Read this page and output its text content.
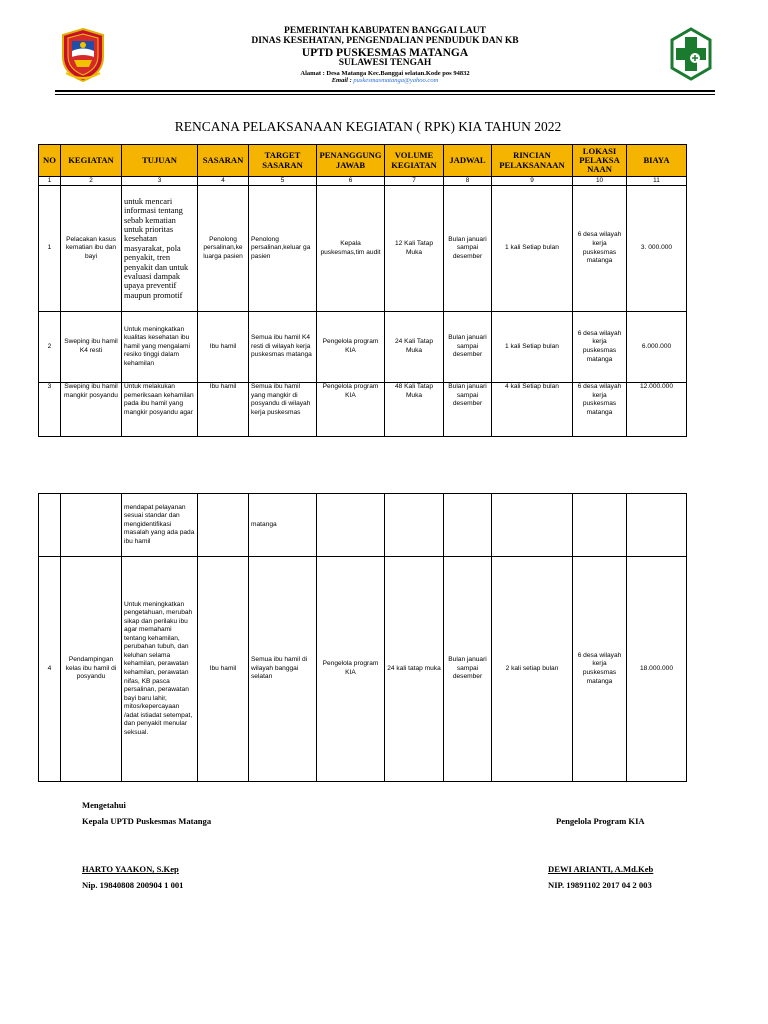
PEMERINTAH KABUPATEN BANGGAI LAUT
DINAS KESEHATAN, PENGENDALIAN PENDUDUK DAN KB
UPTD PUSKESMAS MATANGA
SULAWESI TENGAH
Alamat : Desa Matanga Kec.Banggai selatan.Kode pos 94832
Email : puskesmasmatanga@yahoo.com
RENCANA PELAKSANAAN KEGIATAN ( RPK) KIA TAHUN 2022
NO	KEGIATAN	TUJUAN	SASARAN	TARGET SASARAN	PENANGGUNG JAWAB	VOLUME KEGIATAN	JADWAL	RINCIAN PELAKSANAAN	LOKASI PELAKSA NAAN	BIAYA
1	2	3	4	5	6	7	8	9	10	11
1	Pelacakan kasus kematian ibu dan bayi	untuk mencari informasi tentang sebab kematian untuk prioritas kesehatan masyarakat, pola penyakit, tren penyakit dan untuk evaluasi dampak upaya preventif maupun promotif	Penolong persalinan,ke luarga pasien	Penolong persalinan,keluar ga pasien	Kepala puskesmas,tim audit	12 Kali Tatap Muka	Bulan januari sampai desember	1 kali Setiap bulan	6 desa wilayah kerja puskesmas matanga	3. 000.000
2	Sweping ibu hamil K4 resti	Untuk meningkatkan kualitas kesehatan ibu hamil yang mengalami resiko tinggi dalam kehamilan	Ibu hamil	Semua ibu hamil K4 resti di wilayah kerja puskesmas matanga	Pengelola program KIA	24 Kali Tatap Muka	Bulan januari sampai desember	1 kali Setiap bulan	6 desa wilayah kerja puskesmas matanga	6.000.000
3	Sweping ibu hamil mangkir posyandu	Untuk melakukan pemeriksaan kehamilan pada ibu hamil yang mangkir posyandu agar	Ibu hamil	Semua ibu hamil yang mangkir di posyandu di wilayah kerja puskesmas	Pengelola program KIA	48 Kali Tatap Muka	Bulan januari sampai desember	4 kali Setiap bulan	6 desa wilayah kerja puskesmas matanga	12.000.000
		mendapat pelayanan sesuai standar dan mengidentifikasi masalah yang ada pada ibu hamil		matanga						
4	Pendampingan kelas ibu hamil di posyandu	Untuk meningkatkan pengetahuan, merubah sikap dan perilaku ibu agar memahami tentang kehamilan, perubahan tubuh, dan keluhan selama kehamilan, perawatan kehamilan, perawatan nifas, KB pasca persalinan, perawatan bayi baru lahir, mitos/kepercayaan /adat istiadat setempat, dan penyakit menular seksual.	Ibu hamil	Semua ibu hamil di wilayah banggai selatan	Pengelola program KIA	24 kali tatap muka	Bulan januari sampai desember	2 kali setiap bulan	6 desa wilayah kerja puskesmas matanga	18.000.000
Mengetahui
Kepala UPTD Puskesmas Matanga
HARTO YAAKON, S.Kep
Nip. 19840808 200904 1 001
Pengelola Program KIA
DEWI ARIANTI, A.Md.Keb
NIP. 19891102 2017 04 2 003
